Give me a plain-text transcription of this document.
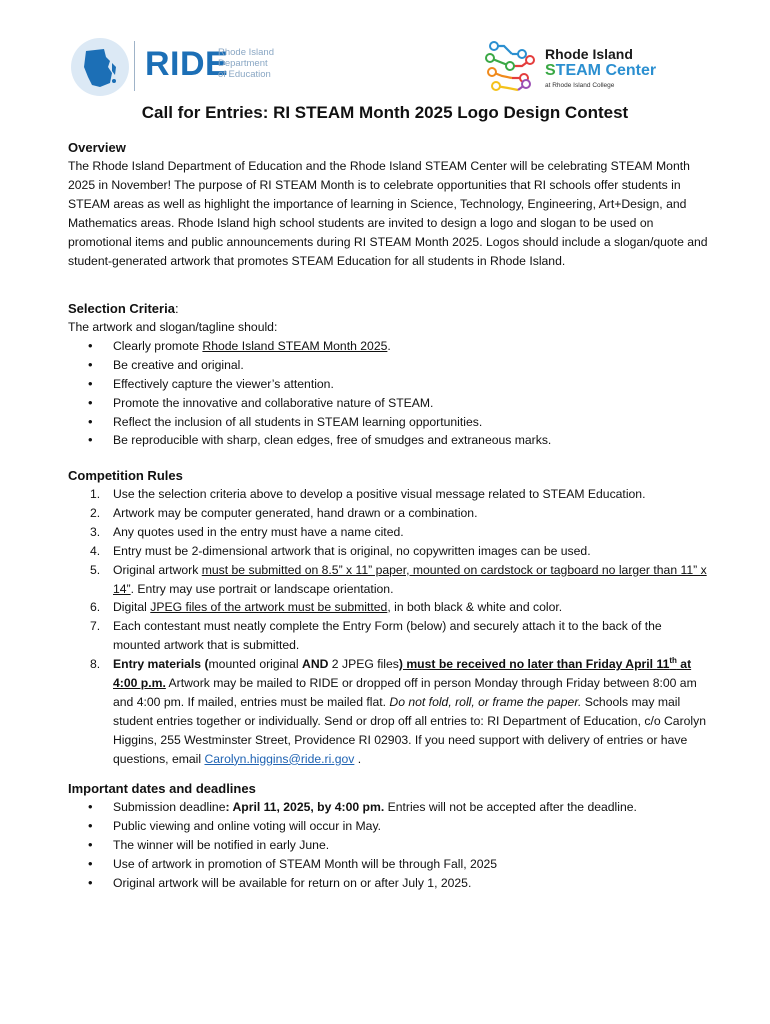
RIDE
Rhode Island
Department
of Education
Rhode Island
STEAM Center
at Rhode Island College
Call for Entries: RI STEAM Month 2025 Logo Design Contest
Overview

The Rhode Island Department of Education and the Rhode Island STEAM Center will be celebrating STEAM Month 2025 in November! The purpose of RI STEAM Month is to celebrate opportunities that RI schools offer students in STEAM areas as well as highlight the importance of learning in Science, Technology, Engineering, Art+Design, and Mathematics areas. Rhode Island high school students are invited to design a logo and slogan to be used on promotional items and public announcements during RI STEAM Month 2025. Logos should include a slogan/quote and student-generated artwork that promotes STEAM Education for all students in Rhode Island.

Selection Criteria:

The artwork and slogan/tagline should:

• Clearly promote Rhode Island STEAM Month 2025.
• Be creative and original.
• Effectively capture the viewer’s attention.
• Promote the innovative and collaborative nature of STEAM.
• Reflect the inclusion of all students in STEAM learning opportunities.
• Be reproducible with sharp, clean edges, free of smudges and extraneous marks.
Competition Rules
1. Use the selection criteria above to develop a positive visual message related to STEAM Education.
2. Artwork may be computer generated, hand drawn or a combination.
3. Any quotes used in the entry must have a name cited.
4. Entry must be 2-dimensional artwork that is original, no copywritten images can be used.
5. Original artwork must be submitted on 8.5” x 11” paper, mounted on cardstock or tagboard no larger than 11” x 14”. Entry may use portrait or landscape orientation.
6. Digital JPEG files of the artwork must be submitted, in both black & white and color.
7. Each contestant must neatly complete the Entry Form (below) and securely attach it to the back of the mounted artwork that is submitted.
8. Entry materials (mounted original AND 2 JPEG files) must be received no later than Friday April 11th at 4:00 p.m. Artwork may be mailed to RIDE or dropped off in person Monday through Friday between 8:00 am and 4:00 pm. If mailed, entries must be mailed flat. Do not fold, roll, or frame the paper. Schools may mail student entries together or individually. Send or drop off all entries to: RI Department of Education, c/o Carolyn Higgins, 255 Westminster Street, Providence RI 02903. If you need support with delivery of entries or have questions, email Carolyn.higgins@ride.ri.gov .
Important dates and deadlines
• Submission deadline: April 11, 2025, by 4:00 pm. Entries will not be accepted after the deadline.
• Public viewing and online voting will occur in May.
• The winner will be notified in early June.
• Use of artwork in promotion of STEAM Month will be through Fall, 2025
• Original artwork will be available for return on or after July 1, 2025.
